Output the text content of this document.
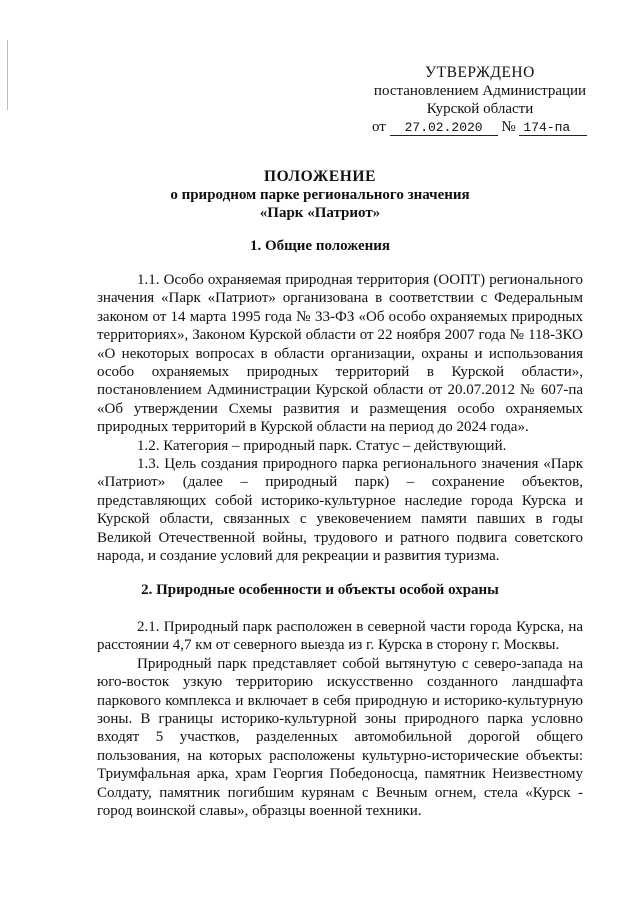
УТВЕРЖДЕНО
постановлением Администрации
Курской области
от 27.02.2020 № 174-па
ПОЛОЖЕНИЕ
о природном парке регионального значения
«Парк «Патриот»
1. Общие положения

1.1. Особо охраняемая природная территория (ООПТ) регионального значения «Парк «Патриот» организована в соответствии с Федеральным законом от 14 марта 1995 года № 33-ФЗ «Об особо охраняемых природных территориях», Законом Курской области от 22 ноября 2007 года № 118-ЗКО «О некоторых вопросах в области организации, охраны и использования особо охраняемых природных территорий в Курской области», постановлением Администрации Курской области от 20.07.2012 № 607-па «Об утверждении Схемы развития и размещения особо охраняемых природных территорий в Курской области на период до 2024 года».

1.2. Категория – природный парк. Статус – действующий.

1.3. Цель создания природного парка регионального значения «Парк «Патриот» (далее – природный парк) – сохранение объектов, представляющих собой историко-культурное наследие города Курска и Курской области, связанных с увековечением памяти павших в годы Великой Отечественной войны, трудового и ратного подвига советского народа, и создание условий для рекреации и развития туризма.

2. Природные особенности и объекты особой охраны

2.1. Природный парк расположен в северной части города Курска, на расстоянии 4,7 км от северного выезда из г. Курска в сторону г. Москвы.

Природный парк представляет собой вытянутую с северо-запада на юго-восток узкую территорию искусственно созданного ландшафта паркового комплекса и включает в себя природную и историко-культурную зоны. В границы историко-культурной зоны природного парка условно входят 5 участков, разделенных автомобильной дорогой общего пользования, на которых расположены культурно-исторические объекты: Триумфальная арка, храм Георгия Победоносца, памятник Неизвестному Солдату, памятник погибшим курянам с Вечным огнем, стела «Курск - город воинской славы», образцы военной техники.
